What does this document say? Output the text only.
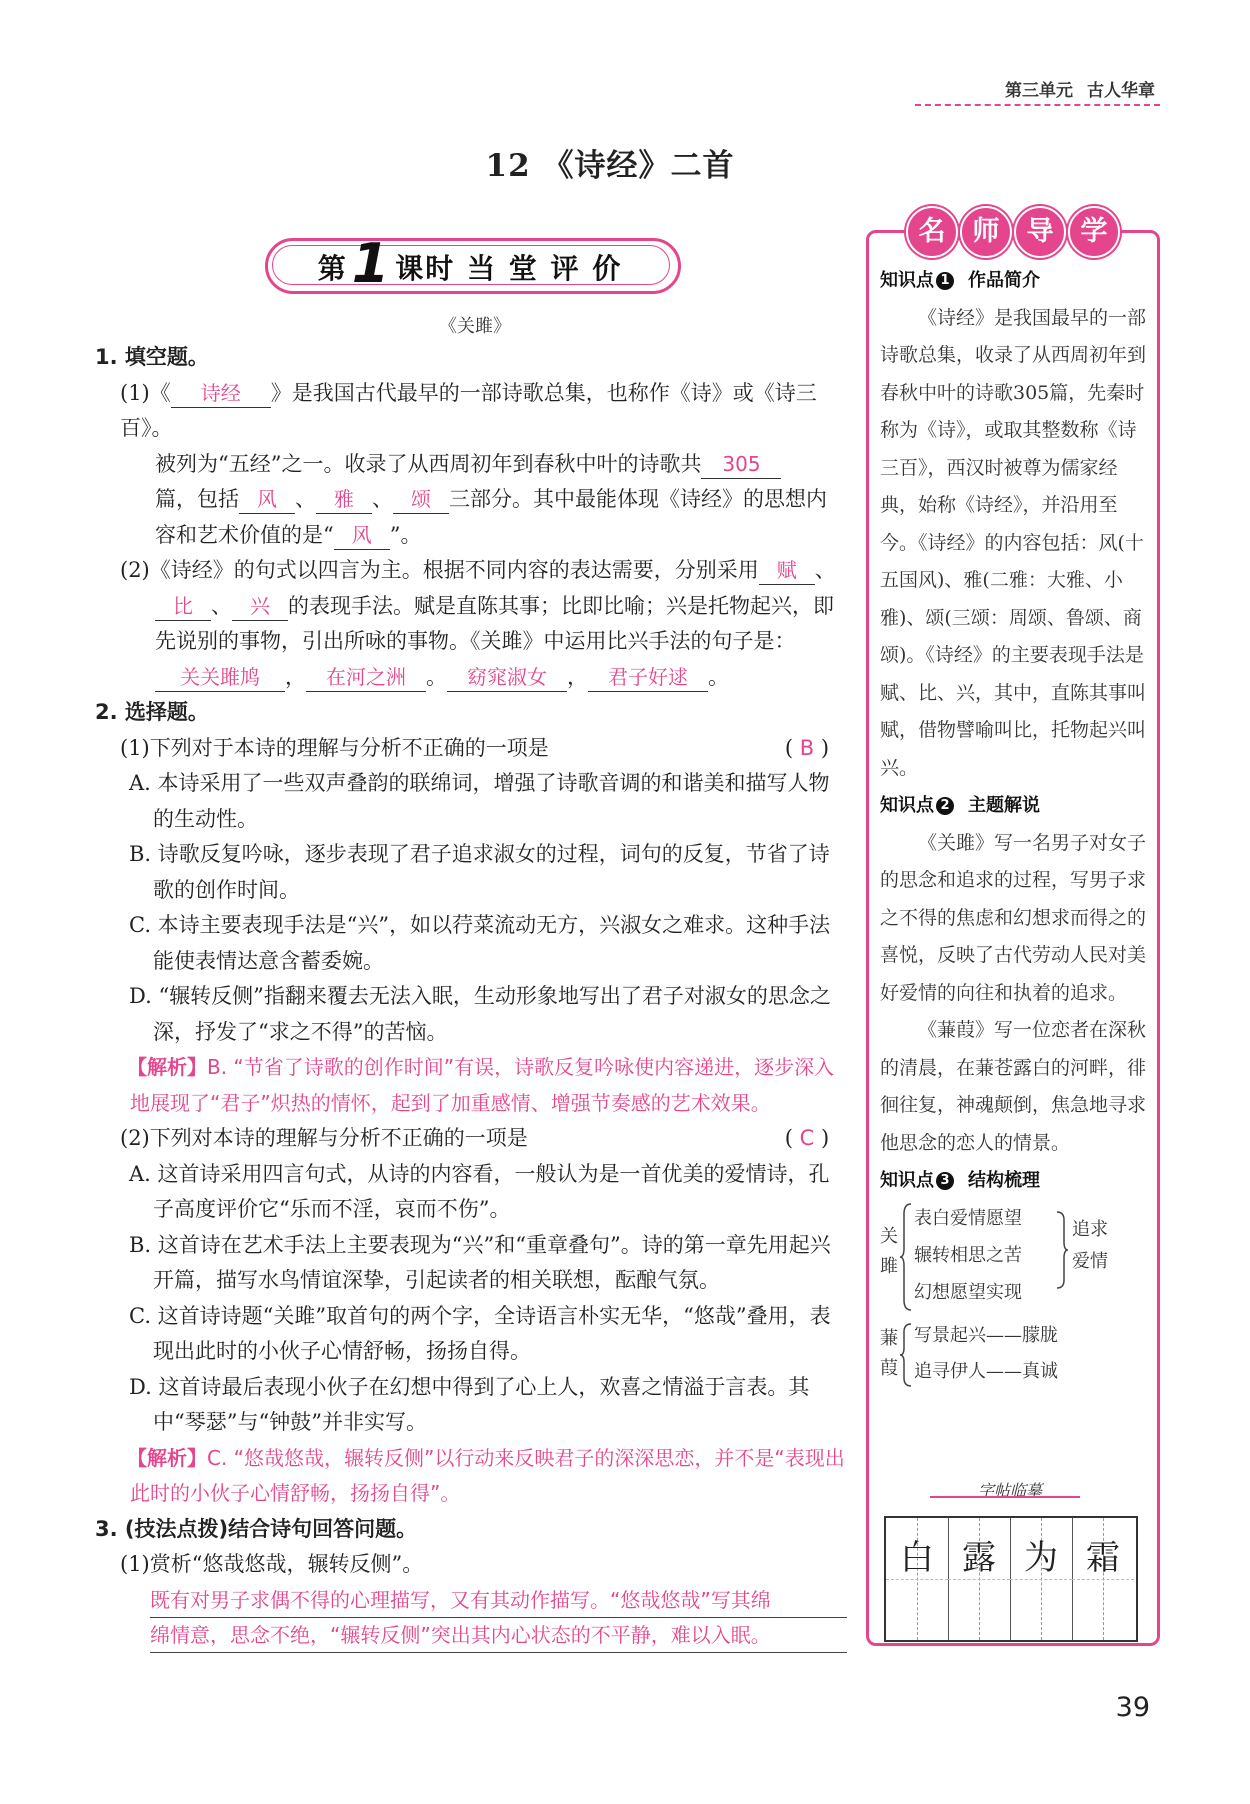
第三单元 古人华章
12 《诗经》二首
第1 课时 当 堂 评 价
《关雎》

1. 填空题。

(1)《 诗经 》是我国古代最早的一部诗歌总集，也称作《诗》或《诗三百》。

被列为“五经”之一。收录了从西周初年到春秋中叶的诗歌共 305

篇，包括 风 、 雅 、 颂 三部分。其中最能体现《诗经》的思想内

容和艺术价值的是“ 风 ”。

(2)《诗经》的句式以四言为主。根据不同内容的表达需要，分别采用 赋 、

比 、 兴 的表现手法。赋是直陈其事；比即比喻；兴是托物起兴，即

先说别的事物，引出所咏的事物。《关雎》中运用比兴手法的句子是：

关关雎鸠 ， 在河之洲 。 窈窕淑女 ， 君子好逑 。

2. 选择题。

(1)下列对于本诗的理解与分析不正确的一项是	( B )

A. 本诗采用了一些双声叠韵的联绵词，增强了诗歌音调的和谐美和描写人物的生动性。

B. 诗歌反复吟咏，逐步表现了君子追求淑女的过程，词句的反复，节省了诗歌的创作时间。

C. 本诗主要表现手法是“兴”，如以荇菜流动无方，兴淑女之难求。这种手法能使表情达意含蓄委婉。

D. “辗转反侧”指翻来覆去无法入眠，生动形象地写出了君子对淑女的思念之深，抒发了“求之不得”的苦恼。

【解析】B. “节省了诗歌的创作时间”有误，诗歌反复吟咏使内容递进，逐步深入地展现了“君子”炽热的情怀，起到了加重感情、增强节奏感的艺术效果。

(2)下列对本诗的理解与分析不正确的一项是	( C )

A. 这首诗采用四言句式，从诗的内容看，一般认为是一首优美的爱情诗，孔子高度评价它“乐而不淫，哀而不伤”。

B. 这首诗在艺术手法上主要表现为“兴”和“重章叠句”。诗的第一章先用起兴开篇，描写水鸟情谊深挚，引起读者的相关联想，酝酿气氛。

C. 这首诗诗题“关雎”取首句的两个字，全诗语言朴实无华，“悠哉”叠用，表现出此时的小伙子心情舒畅，扬扬自得。

D. 这首诗最后表现小伙子在幻想中得到了心上人，欢喜之情溢于言表。其中“琴瑟”与“钟鼓”并非实写。

【解析】C. “悠哉悠哉，辗转反侧”以行动来反映君子的深深思恋，并不是“表现出此时的小伙子心情舒畅，扬扬自得”。

3. (技法点拨)结合诗句回答问题。

(1)赏析“悠哉悠哉，辗转反侧”。

既有对男子求偶不得的心理描写，又有其动作描写。“悠哉悠哉”写其绵
绵情意，思念不绝，“辗转反侧”突出其内心状态的不平静，难以入眠。
名	师	导	学

知识点 1 作品简介

《诗经》是我国最早的一部诗歌总集，收录了从西周初年到春秋中叶的诗歌305篇，先秦时称为《诗》，或取其整数称《诗三百》，西汉时被尊为儒家经典，始称《诗经》，并沿用至今。《诗经》的内容包括：风(十五国风)、雅(二雅：大雅、小雅)、颂(三颂：周颂、鲁颂、商颂)。《诗经》的主要表现手法是赋、比、兴，其中，直陈其事叫赋，借物譬喻叫比，托物起兴叫兴。

知识点 2 主题解说

《关雎》写一名男子对女子的思念和追求的过程，写男子求之不得的焦虑和幻想求而得之的喜悦，反映了古代劳动人民对美好爱情的向往和执着的追求。

《蒹葭》写一位恋者在深秋的清晨，在蒹苍露白的河畔，徘徊往复，神魂颠倒，焦急地寻求他思念的恋人的情景。

知识点 3 结构梳理

关
雎
表白爱情愿望
辗转相思之苦
幻想愿望实现
追求
爱情
蒹
葭
写景起兴——朦胧
追寻伊人——真诚
字帖临摹
白 露 为 霜
39
